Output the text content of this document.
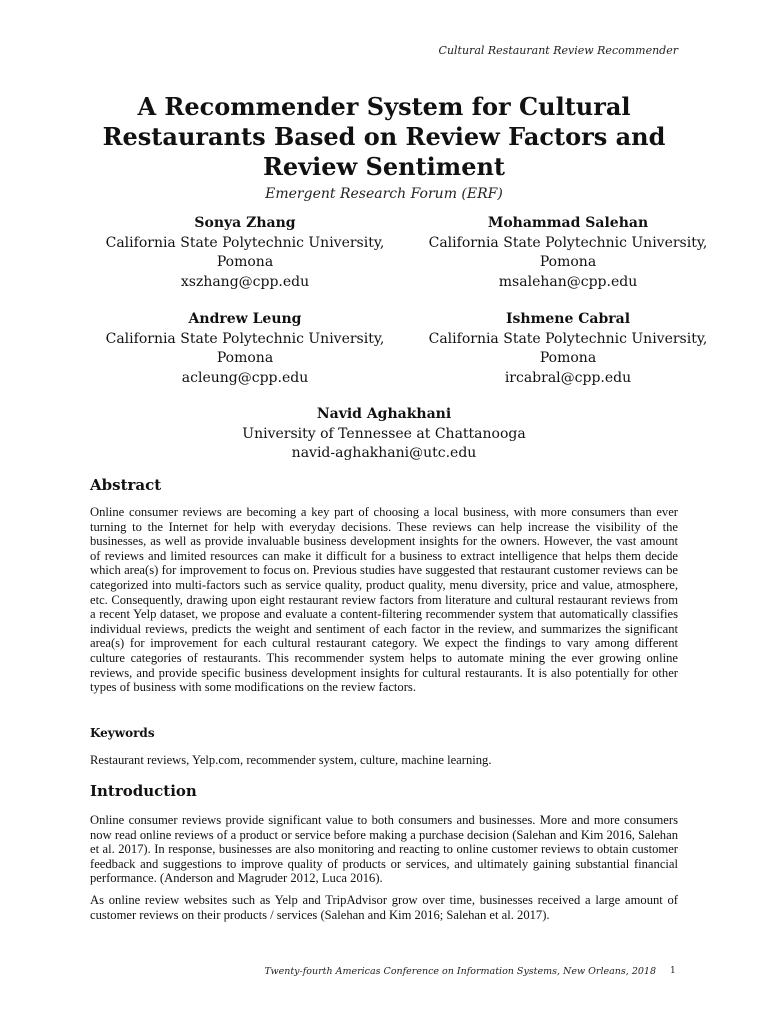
Cultural Restaurant Review Recommender
A Recommender System for Cultural Restaurants Based on Review Factors and Review Sentiment
Emergent Research Forum (ERF)
Sonya Zhang
California State Polytechnic University,
Pomona
xszhang@cpp.edu
Mohammad Salehan
California State Polytechnic University,
Pomona
msalehan@cpp.edu
Andrew Leung
California State Polytechnic University,
Pomona
acleung@cpp.edu
Ishmene Cabral
California State Polytechnic University,
Pomona
ircabral@cpp.edu
Navid Aghakhani
University of Tennessee at Chattanooga
navid-aghakhani@utc.edu
Abstract

Online consumer reviews are becoming a key part of choosing a local business, with more consumers than ever turning to the Internet for help with everyday decisions. These reviews can help increase the visibility of the businesses, as well as provide invaluable business development insights for the owners. However, the vast amount of reviews and limited resources can make it difficult for a business to extract intelligence that helps them decide which area(s) for improvement to focus on. Previous studies have suggested that restaurant customer reviews can be categorized into multi-factors such as service quality, product quality, menu diversity, price and value, atmosphere, etc. Consequently, drawing upon eight restaurant review factors from literature and cultural restaurant reviews from a recent Yelp dataset, we propose and evaluate a content-filtering recommender system that automatically classifies individual reviews, predicts the weight and sentiment of each factor in the review, and summarizes the significant area(s) for improvement for each cultural restaurant category. We expect the findings to vary among different culture categories of restaurants. This recommender system helps to automate mining the ever growing online reviews, and provide specific business development insights for cultural restaurants. It is also potentially for other types of business with some modifications on the review factors.

Keywords

Restaurant reviews, Yelp.com, recommender system, culture, machine learning.

Introduction

Online consumer reviews provide significant value to both consumers and businesses. More and more consumers now read online reviews of a product or service before making a purchase decision (Salehan and Kim 2016, Salehan et al. 2017). In response, businesses are also monitoring and reacting to online customer reviews to obtain customer feedback and suggestions to improve quality of products or services, and ultimately gaining substantial financial performance. (Anderson and Magruder 2012, Luca 2016).

As online review websites such as Yelp and TripAdvisor grow over time, businesses received a large amount of customer reviews on their products / services (Salehan and Kim 2016; Salehan et al. 2017).

Twenty-fourth Americas Conference on Information Systems, New Orleans, 2018 1
